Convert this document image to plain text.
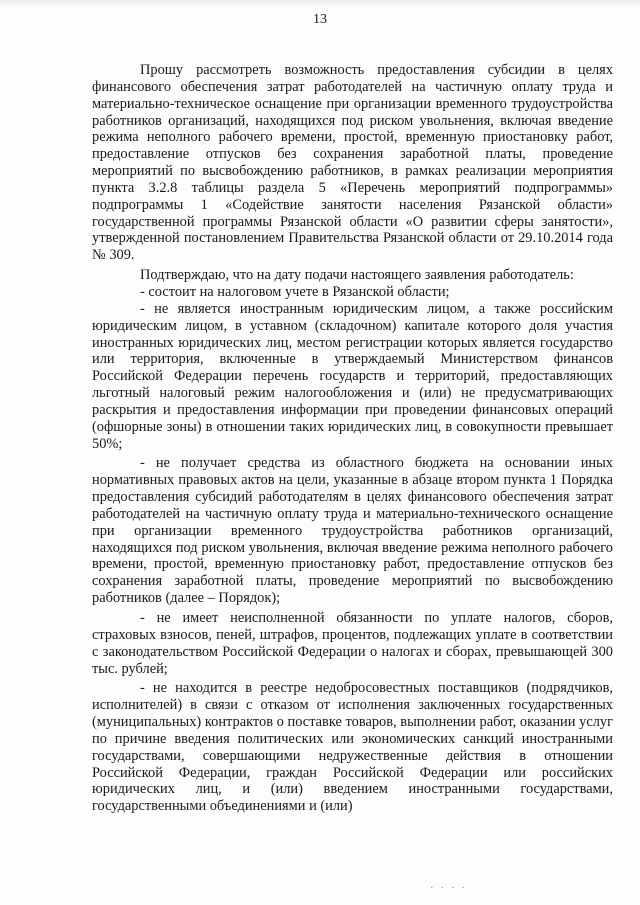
13

Прошу рассмотреть возможность предоставления субсидии в целях финансового обеспечения затрат работодателей на частичную оплату труда и материально-техническое оснащение при организации временного трудоустройства работников организаций, находящихся под риском увольнения, включая введение режима неполного рабочего времени, простой, временную приостановку работ, предоставление отпусков без сохранения заработной платы, проведение мероприятий по высвобождению работников, в рамках реализации мероприятия пункта 3.2.8 таблицы раздела 5 «Перечень мероприятий подпрограммы» подпрограммы 1 «Содействие занятости населения Рязанской области» государственной программы Рязанской области «О развитии сферы занятости», утвержденной постановлением Правительства Рязанской области от 29.10.2014 года № 309.

Подтверждаю, что на дату подачи настоящего заявления работодатель:

- состоит на налоговом учете в Рязанской области;

- не является иностранным юридическим лицом, а также российским юридическим лицом, в уставном (складочном) капитале которого доля участия иностранных юридических лиц, местом регистрации которых является государство или территория, включенные в утверждаемый Министерством финансов Российской Федерации перечень государств и территорий, предоставляющих льготный налоговый режим налогообложения и (или) не предусматривающих раскрытия и предоставления информации при проведении финансовых операций (офшорные зоны) в отношении таких юридических лиц, в совокупности превышает 50%;

- не получает средства из областного бюджета на основании иных нормативных правовых актов на цели, указанные в абзаце втором пункта 1 Порядка предоставления субсидий работодателям в целях финансового обеспечения затрат работодателей на частичную оплату труда и материально-технического оснащение при организации временного трудоустройства работников организаций, находящихся под риском увольнения, включая введение режима неполного рабочего времени, простой, временную приостановку работ, предоставление отпусков без сохранения заработной платы, проведение мероприятий по высвобождению работников (далее – Порядок);

- не имеет неисполненной обязанности по уплате налогов, сборов, страховых взносов, пеней, штрафов, процентов, подлежащих уплате в соответствии с законодательством Российской Федерации о налогах и сборах, превышающей 300 тыс. рублей;

- не находится в реестре недобросовестных поставщиков (подрядчиков, исполнителей) в связи с отказом от исполнения заключенных государственных (муниципальных) контрактов о поставке товаров, выполнении работ, оказании услуг по причине введения политических или экономических санкций иностранными государствами, совершающими недружественные действия в отношении Российской Федерации, граждан Российской Федерации или российских юридических лиц, и (или) введением иностранными государствами, государственными объединениями и (или)

· · · ·
